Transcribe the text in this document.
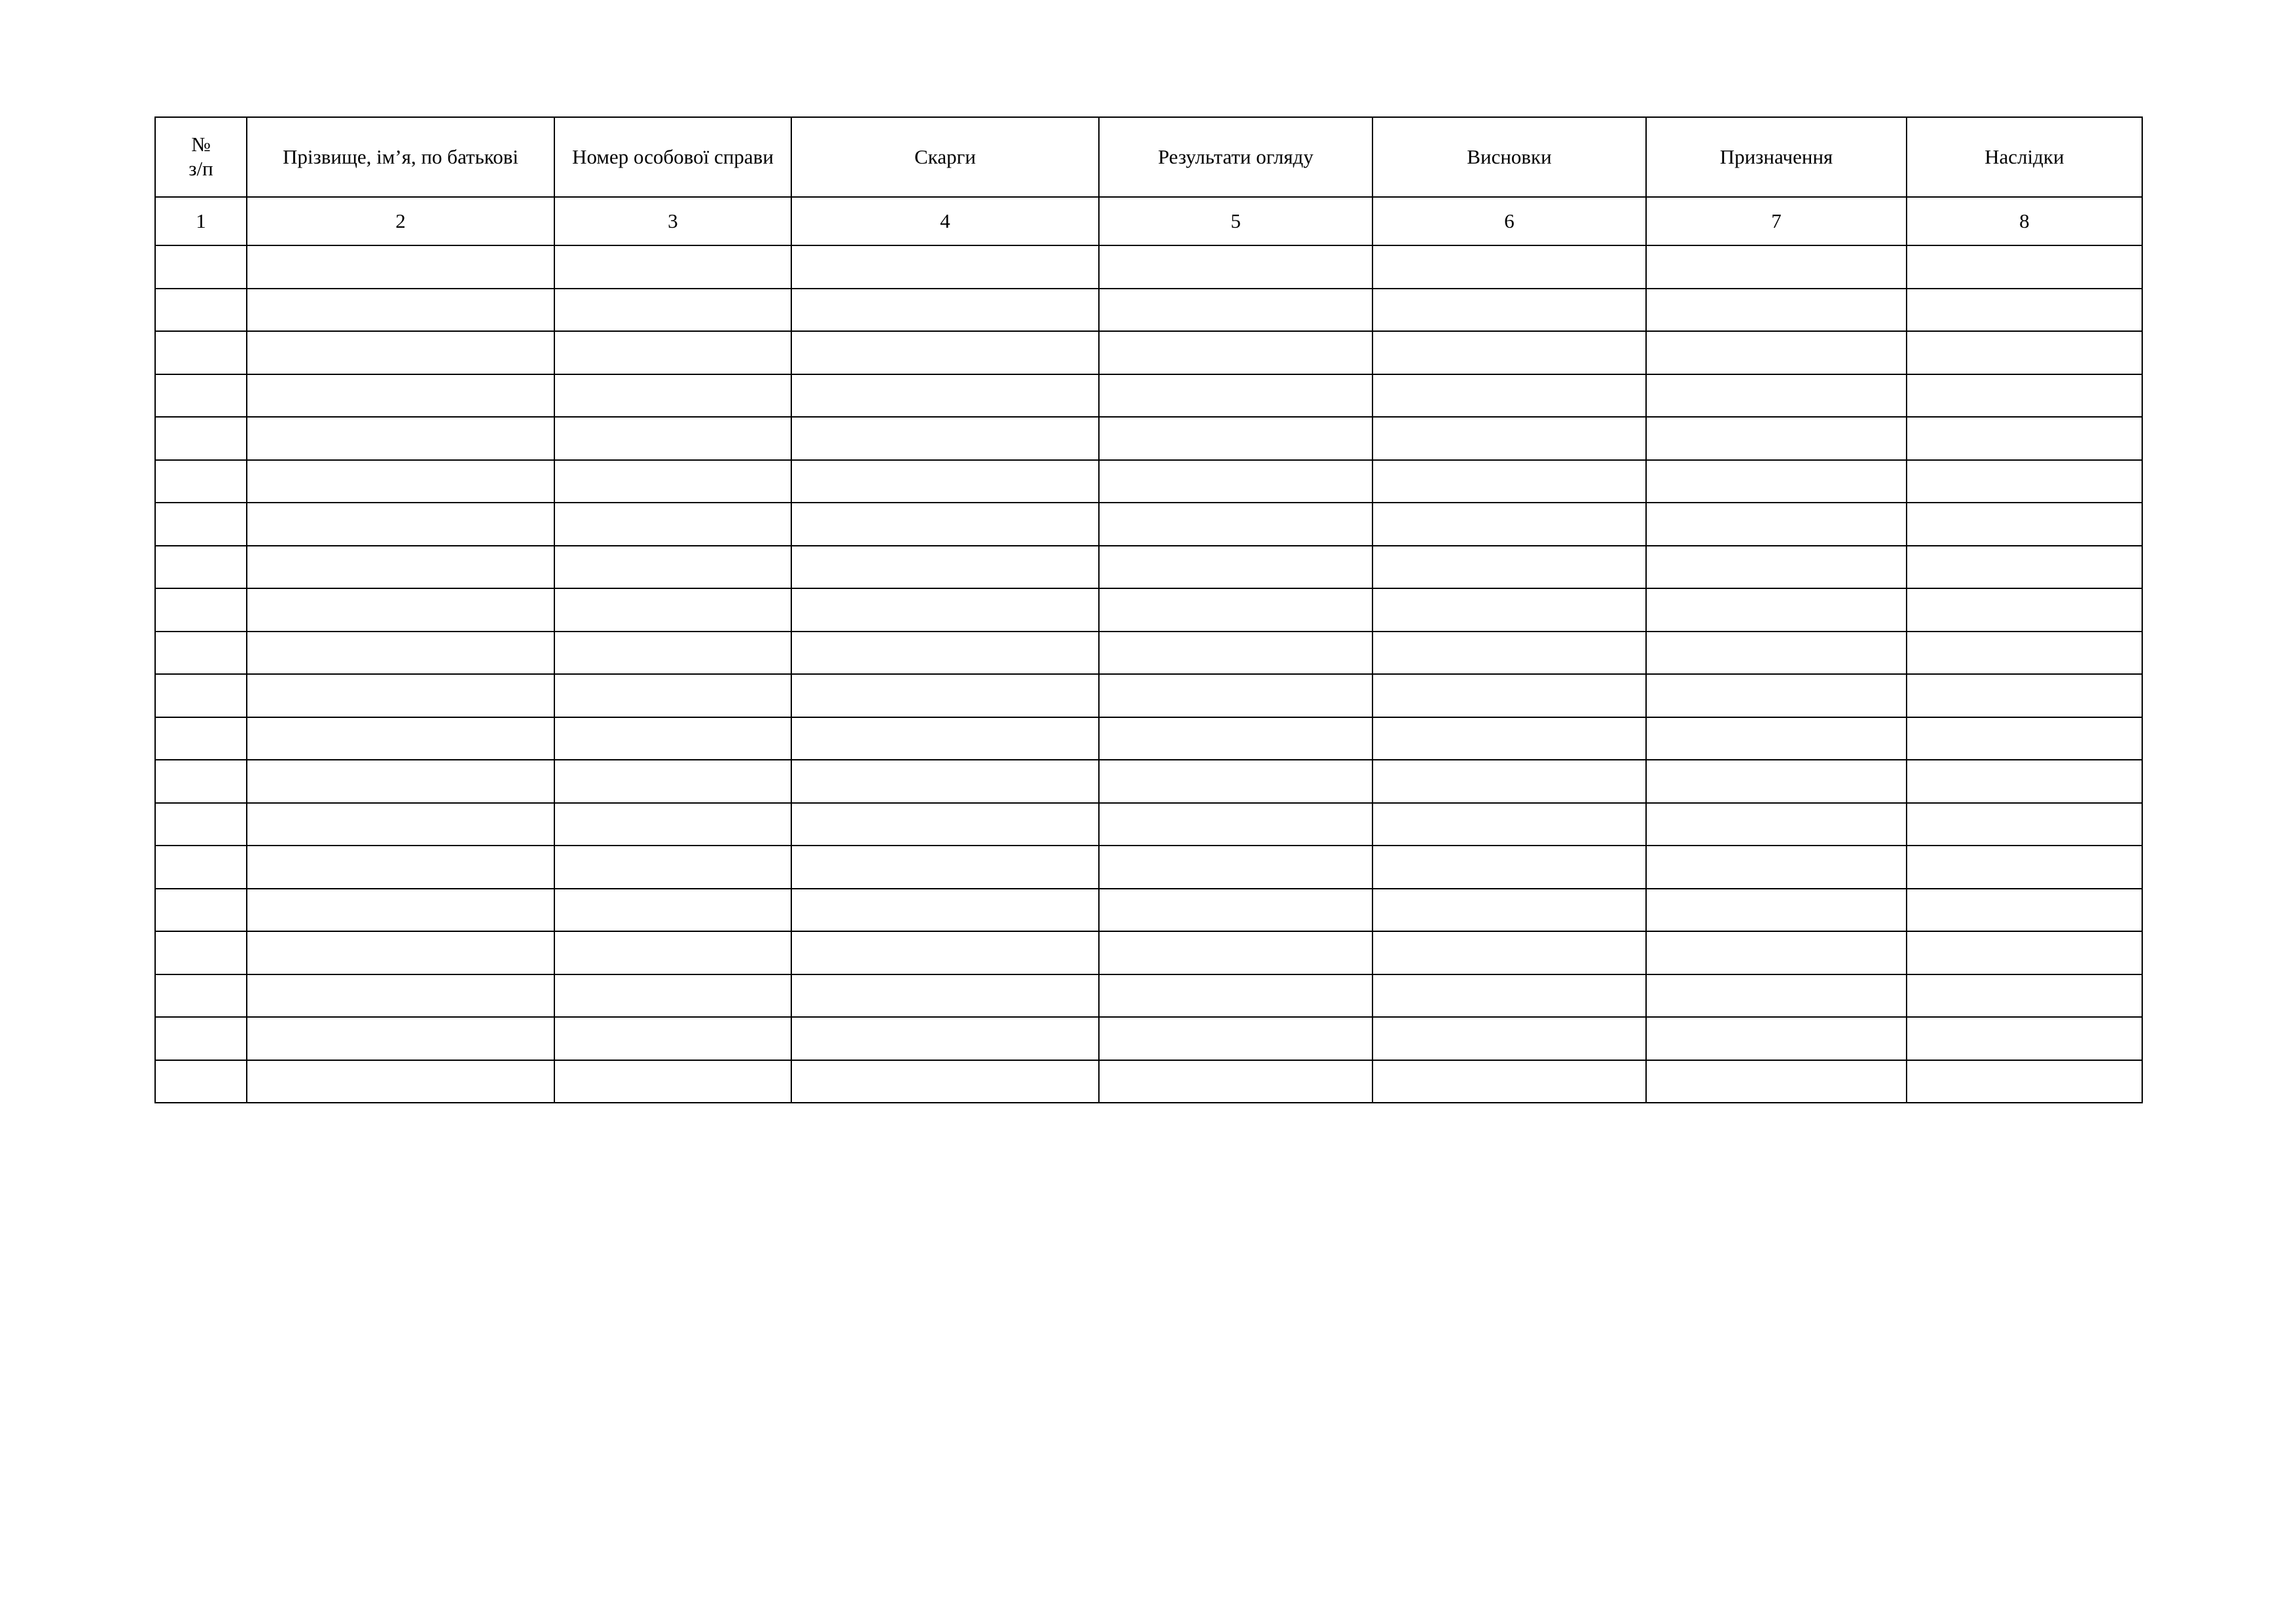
№
з/п	Прізвище, ім’я, по батькові	Номер особової справи	Скарги	Результати огляду	Висновки	Призначення	Наслідки

1	2	3	4	5	6	7	8
